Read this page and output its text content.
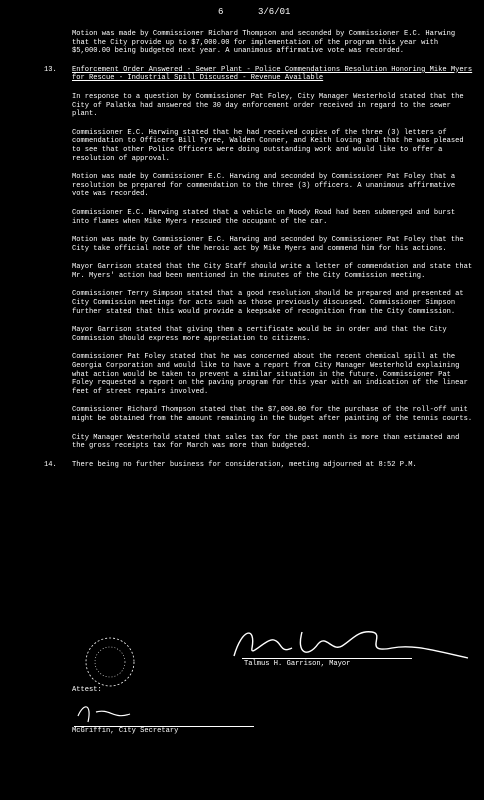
6	3/6/01

Motion was made by Commissioner Richard Thompson and seconded by Commissioner E.C. Harwing that the City provide up to $7,000.00 for implementation of the program this year with $5,000.00 being budgeted next year. A unanimous affirmative vote was recorded.

13. Enforcement Order Answered - Sewer Plant - Police Commendations Resolution Honoring Mike Myers for Rescue - Industrial Spill Discussed - Revenue Available

In response to a question by Commissioner Pat Foley, City Manager Westerhold stated that the City of Palatka had answered the 30 day enforcement order received in regard to the sewer plant.

Commissioner E.C. Harwing stated that he had received copies of the three (3) letters of commendation to Officers Bill Tyree, Walden Conner, and Keith Loving and that he was pleased to see that other Police Officers were doing outstanding work and would like to offer a resolution of approval.

Motion was made by Commissioner E.C. Harwing and seconded by Commissioner Pat Foley that a resolution be prepared for commendation to the three (3) officers. A unanimous affirmative vote was recorded.

Commissioner E.C. Harwing stated that a vehicle on Moody Road had been submerged and burst into flames when Mike Myers rescued the occupant of the car.

Motion was made by Commissioner E.C. Harwing and seconded by Commissioner Pat Foley that the City take official note of the heroic act by Mike Myers and commend him for his actions.

Mayor Garrison stated that the City Staff should write a letter of commendation and state that Mr. Myers' action had been mentioned in the minutes of the City Commission meeting.

Commissioner Terry Simpson stated that a good resolution should be prepared and presented at City Commission meetings for acts such as those previously discussed. Commissioner Simpson further stated that this would provide a keepsake of recognition from the City Commission.

Mayor Garrison stated that giving them a certificate would be in order and that the City Commission should express more appreciation to citizens.

Commissioner Pat Foley stated that he was concerned about the recent chemical spill at the Georgia Corporation and would like to have a report from City Manager Westerhold explaining what action would be taken to prevent a similar situation in the future. Commissioner Pat Foley requested a report on the paving program for this year with an indication of the linear feet of street repairs involved.

Commissioner Richard Thompson stated that the $7,000.00 for the purchase of the roll-off unit might be obtained from the amount remaining in the budget after painting of the tennis courts.

City Manager Westerhold stated that sales tax for the past month is more than estimated and the gross receipts tax for March was more than budgeted.

14. There being no further business for consideration, meeting adjourned at 8:52 P.M.

Talmus H. Garrison, Mayor
Attest:
McGriffin, City Secretary
